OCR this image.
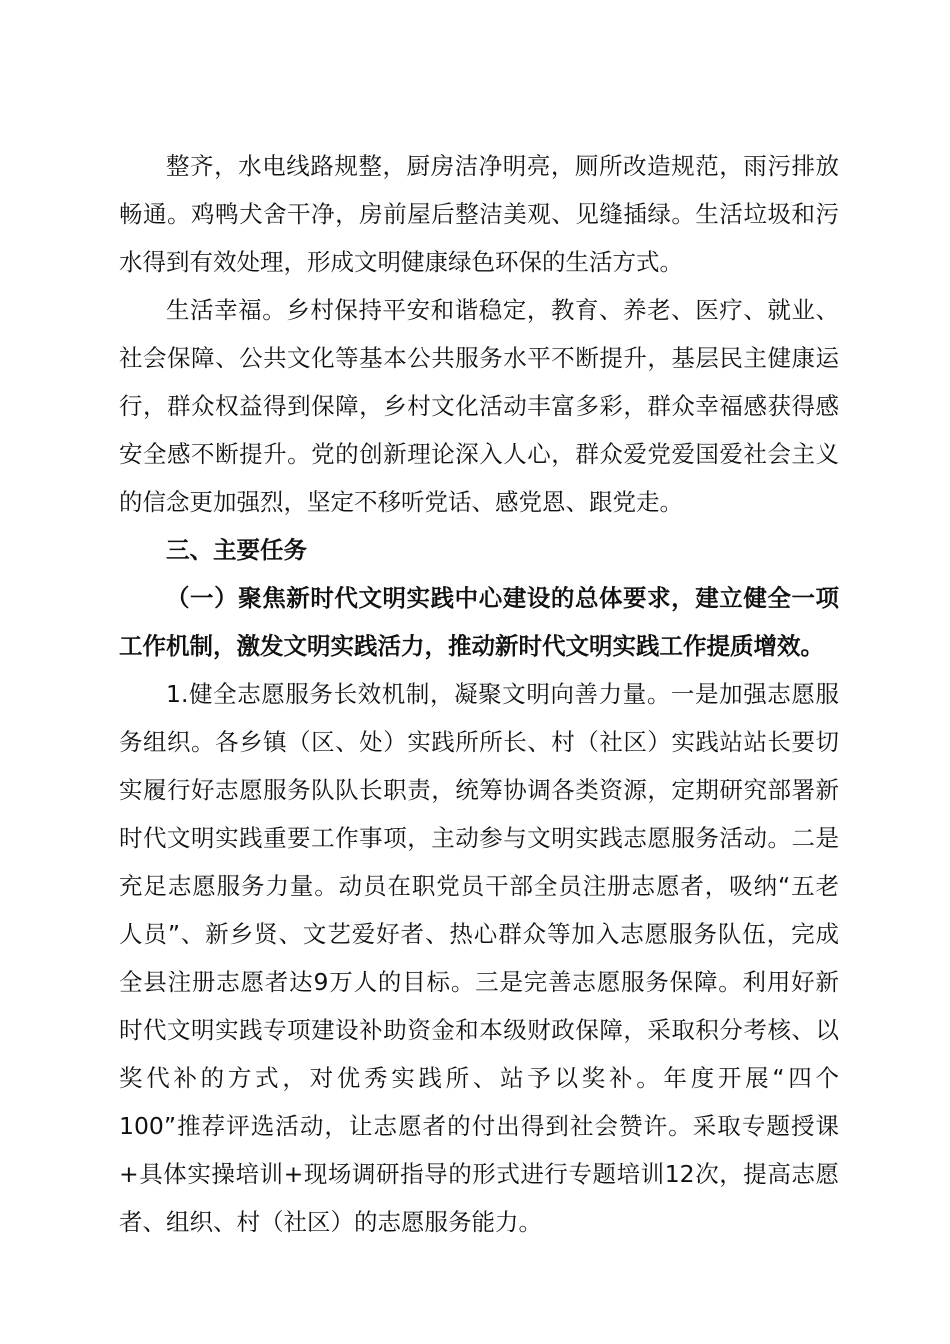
整齐，水电线路规整，厨房洁净明亮，厕所改造规范，雨污排放
畅通。鸡鸭犬舍干净，房前屋后整洁美观、见缝插绿。生活垃圾和污
水得到有效处理，形成文明健康绿色环保的生活方式。
生活幸福。乡村保持平安和谐稳定，教育、养老、医疗、就业、
社会保障、公共文化等基本公共服务水平不断提升，基层民主健康运
行，群众权益得到保障，乡村文化活动丰富多彩，群众幸福感获得感
安全感不断提升。党的创新理论深入人心，群众爱党爱国爱社会主义
的信念更加强烈，坚定不移听党话、感党恩、跟党走。
三、主要任务
（一）聚焦新时代文明实践中心建设的总体要求，建立健全一项
工作机制，激发文明实践活力，推动新时代文明实践工作提质增效。
1.健全志愿服务长效机制，凝聚文明向善力量。一是加强志愿服
务组织。各乡镇（区、处）实践所所长、村（社区）实践站站长要切
实履行好志愿服务队队长职责，统筹协调各类资源，定期研究部署新
时代文明实践重要工作事项，主动参与文明实践志愿服务活动。二是
充足志愿服务力量。动员在职党员干部全员注册志愿者，吸纳“五老
人员”、新乡贤、文艺爱好者、热心群众等加入志愿服务队伍，完成
全县注册志愿者达9万人的目标。三是完善志愿服务保障。利用好新
时代文明实践专项建设补助资金和本级财政保障，采取积分考核、以
奖代补的方式，对优秀实践所、站予以奖补。年度开展“四个
100”推荐评选活动，让志愿者的付出得到社会赞许。采取专题授课
+具体实操培训+现场调研指导的形式进行专题培训12次，提高志愿
者、组织、村（社区）的志愿服务能力。
